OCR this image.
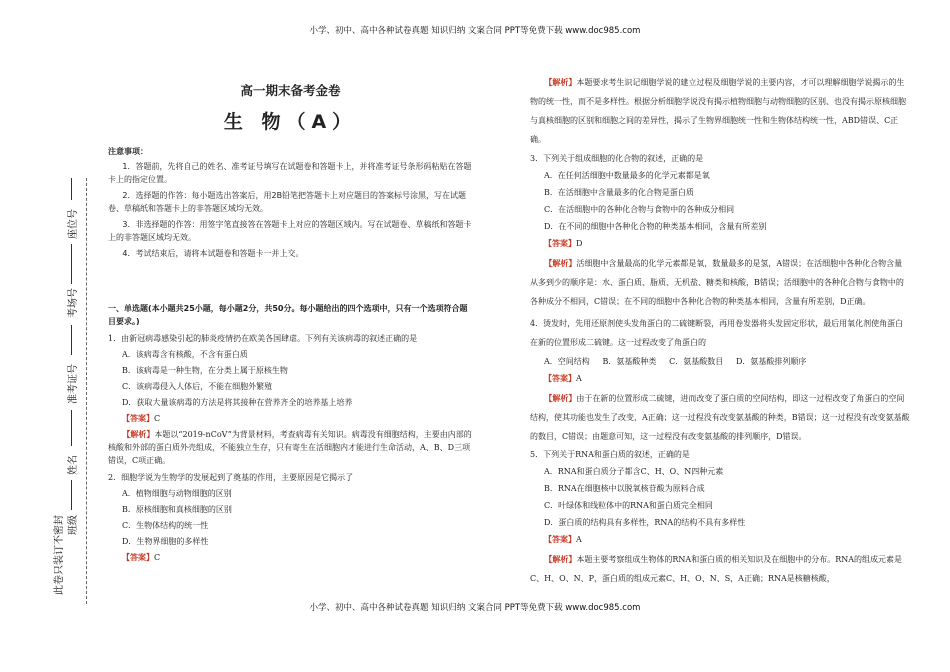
小学、初中、高中各种试卷真题 知识归纳 文案合同 PPT等免费下载 www.doc985.com
座位号
考场号
准考证号
姓名
班级
此卷只装订不密封
高一期末备考金卷
生 物（A）

注意事项：

1．答题前，先将自己的姓名、准考证号填写在试题卷和答题卡上，并将准考证号条形码粘贴在答题卡上的指定位置。

2．选择题的作答：每小题选出答案后，用2B铅笔把答题卡上对应题目的答案标号涂黑，写在试题卷、草稿纸和答题卡上的非答题区域均无效。

3．非选择题的作答：用签字笔直接答在答题卡上对应的答题区域内。写在试题卷、草稿纸和答题卡上的非答题区域均无效。

4．考试结束后，请将本试题卷和答题卡一并上交。

一、单选题(本小题共25小题，每小题2分，共50分。每小题给出的四个选项中，只有一个选项符合题目要求。)

1．由新冠病毒感染引起的肺炎疫情扔在欧美各国肆虐。下列有关该病毒的叙述正确的是

A．该病毒含有核酸，不含有蛋白质

B．该病毒是一种生物，在分类上属于原核生物

C．该病毒侵入人体后，不能在细胞外繁殖

D．获取大量该病毒的方法是将其接种在营养齐全的培养基上培养

【答案】C

【解析】本题以“2019-nCoV”为背景材料，考查病毒有关知识。病毒没有细胞结构，主要由内部的核酸和外部的蛋白质外壳组成，不能独立生存，只有寄生在活细胞内才能进行生命活动，A、B、D三项错误，C项正确。

2．细胞学说为生物学的发展起到了奠基的作用，主要原因是它揭示了

A．植物细胞与动物细胞的区别

B．原核细胞和真核细胞的区别

C．生物体结构的统一性

D．生物界细胞的多样性

【答案】C

【解析】本题要求考生识记细胞学说的建立过程及细胞学说的主要内容，才可以理解细胞学说揭示的生物的统一性，而不是多样性。根据分析细胞学说没有揭示植物细胞与动物细胞的区别、也没有揭示原核细胞与真核细胞的区别和细胞之间的差异性，揭示了生物界细胞统一性和生物体结构统一性，ABD错误、C正确。

3．下列关于组成细胞的化合物的叙述，正确的是

A．在任何活细胞中数量最多的化学元素都是氧

B．在活细胞中含量最多的化合物是蛋白质

C．在活细胞中的各种化合物与食物中的各种成分相同

D．在不同的细胞中各种化合物的种类基本相同，含量有所差别

【答案】D

【解析】活细胞中含量最高的化学元素都是氧，数量最多的是氢，A错误；在活细胞中各种化合物含量从多到少的顺序是：水、蛋白质、脂质、无机盐、糖类和核酸，B错误；活细胞中的各种化合物与食物中的各种成分不相同，C错误；在不同的细胞中各种化合物的种类基本相同，含量有所差别，D正确。

4．烫发时，先用还原剂使头发角蛋白的二硫键断裂，再用卷发器将头发固定形状，最后用氧化剂使角蛋白在新的位置形成二硫键。这一过程改变了角蛋白的

A．空间结构 B．氨基酸种类 C．氨基酸数目 D．氨基酸排列顺序

【答案】A

【解析】由于在新的位置形成二硫键，进而改变了蛋白质的空间结构，即这一过程改变了角蛋白的空间结构，使其功能也发生了改变，A正确；这一过程没有改变氨基酸的种类，B错误；这一过程没有改变氨基酸的数目，C错误；由题意可知，这一过程没有改变氨基酸的排列顺序，D错误。

5．下列关于RNA和蛋白质的叙述，正确的是

A．RNA和蛋白质分子都含C、H、O、N四种元素

B．RNA在细胞核中以脱氧核苷酸为原料合成

C．叶绿体和线粒体中的RNA和蛋白质完全相同

D．蛋白质的结构具有多样性，RNA的结构不具有多样性

【答案】A

【解析】本题主要考察组成生物体的RNA和蛋白质的相关知识及在细胞中的分布。RNA的组成元素是C、H、O、N、P，蛋白质的组成元素C、H、O、N、S，A正确；RNA是核糖核酸，

小学、初中、高中各种试卷真题 知识归纳 文案合同 PPT等免费下载 www.doc985.com
